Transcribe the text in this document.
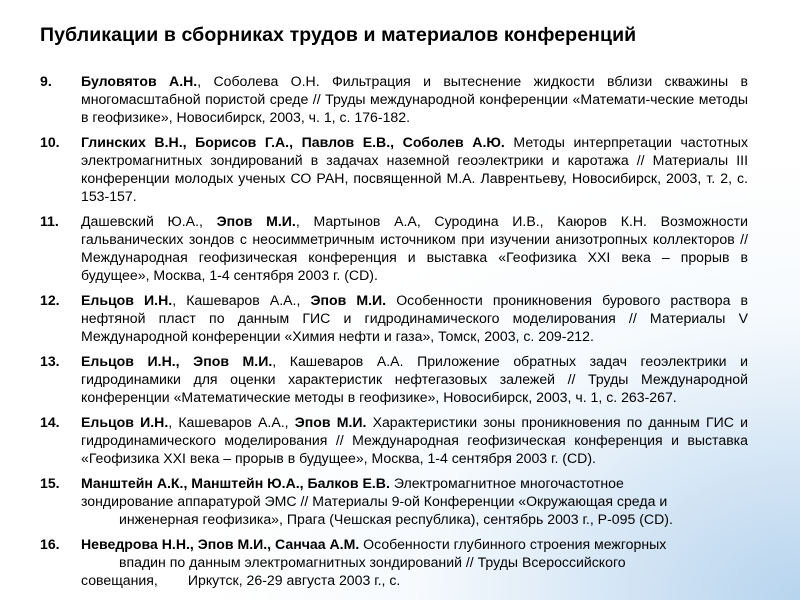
Публикации в сборниках трудов и материалов конференций
9. Буловятов А.Н., Соболева О.Н. Фильтрация и вытеснение жидкости вблизи скважины в многомасштабной пористой среде // Труды международной конференции «Математи-ческие методы в геофизике», Новосибирск, 2003, ч. 1, с. 176-182.
10. Глинских В.Н., Борисов Г.А., Павлов Е.В., Соболев А.Ю. Методы интерпретации частотных электромагнитных зондирований в задачах наземной геоэлектрики и каротажа // Материалы III конференции молодых ученых СО РАН, посвященной М.А. Лаврентьеву, Новосибирск, 2003, т. 2, с. 153-157.
11. Дашевский Ю.А., Эпов М.И., Мартынов А.А, Суродина И.В., Каюров К.Н. Возможности гальванических зондов с неосимметричным источником при изучении анизотропных коллекторов // Международная геофизическая конференция и выставка «Геофизика XXI века – прорыв в будущее», Москва, 1-4 сентября 2003 г. (CD).
12. Ельцов И.Н., Кашеваров А.А., Эпов М.И. Особенности проникновения бурового раствора в нефтяной пласт по данным ГИС и гидродинамического моделирования // Материалы V Международной конференции «Химия нефти и газа», Томск, 2003, с. 209-212.
13. Ельцов И.Н., Эпов М.И., Кашеваров А.А. Приложение обратных задач геоэлектрики и гидродинамики для оценки характеристик нефтегазовых залежей // Труды Международной конференции «Математические методы в геофизике», Новосибирск, 2003, ч. 1, с. 263-267.
14. Ельцов И.Н., Кашеваров А.А., Эпов М.И. Характеристики зоны проникновения по данным ГИС и гидродинамического моделирования // Международная геофизическая конференция и выставка «Геофизика XXI века – прорыв в будущее», Москва, 1-4 сентября 2003 г. (CD).
15. Манштейн А.К., Манштейн Ю.А., Балков Е.В. Электромагнитное многочастотное
зондирование аппаратурой ЭМС // Материалы 9-ой Конференции «Окружающая среда и
инженерная геофизика», Прага (Чешская республика), сентябрь 2003 г., P-095 (CD).
16. Неведрова Н.Н., Эпов М.И., Санчаа А.М. Особенности глубинного строения межгорных
впадин по данным электромагнитных зондирований // Труды Всероссийского
совещания, Иркутск, 26-29 августа 2003 г., с.
